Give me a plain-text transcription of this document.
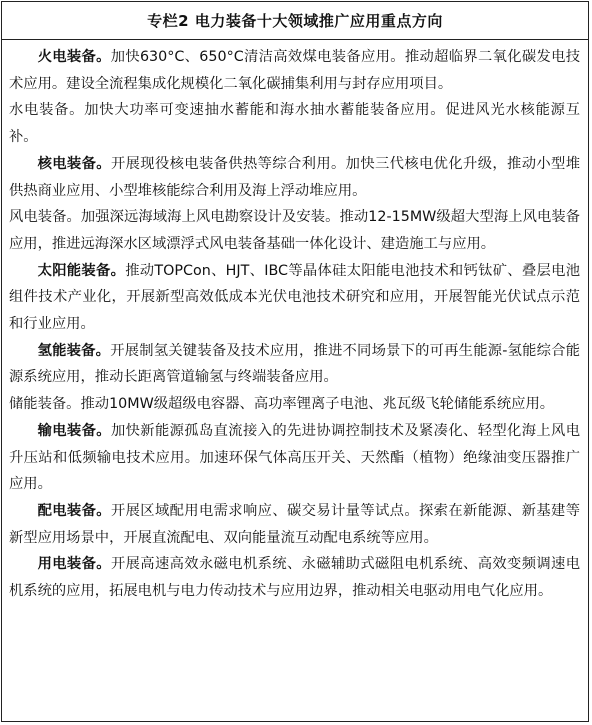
专栏2 电力装备十大领域推广应用重点方向

火电装备。加快630°C、650°C清洁高效煤电装备应用。推动超临界二氧化碳发电技术应用。建设全流程集成化规模化二氧化碳捕集利用与封存应用项目。

水电装备。加快大功率可变速抽水蓄能和海水抽水蓄能装备应用。促进风光水核能源互补。

核电装备。开展现役核电装备供热等综合利用。加快三代核电优化升级，推动小型堆供热商业应用、小型堆核能综合利用及海上浮动堆应用。

风电装备。加强深远海域海上风电勘察设计及安装。推动12-15MW级超大型海上风电装备应用，推进远海深水区域漂浮式风电装备基础一体化设计、建造施工与应用。

太阳能装备。推动TOPCon、HJT、IBC等晶体硅太阳能电池技术和钙钛矿、叠层电池组件技术产业化，开展新型高效低成本光伏电池技术研究和应用，开展智能光伏试点示范和行业应用。

氢能装备。开展制氢关键装备及技术应用，推进不同场景下的可再生能源-氢能综合能源系统应用，推动长距离管道输氢与终端装备应用。

储能装备。推动10MW级超级电容器、高功率锂离子电池、兆瓦级飞轮储能系统应用。

输电装备。加快新能源孤岛直流接入的先进协调控制技术及紧凑化、轻型化海上风电升压站和低频输电技术应用。加速环保气体高压开关、天然酯（植物）绝缘油变压器推广应用。

配电装备。开展区域配用电需求响应、碳交易计量等试点。探索在新能源、新基建等新型应用场景中，开展直流配电、双向能量流互动配电系统等应用。

用电装备。开展高速高效永磁电机系统、永磁辅助式磁阻电机系统、高效变频调速电机系统的应用，拓展电机与电力传动技术与应用边界，推动相关电驱动用电气化应用。
